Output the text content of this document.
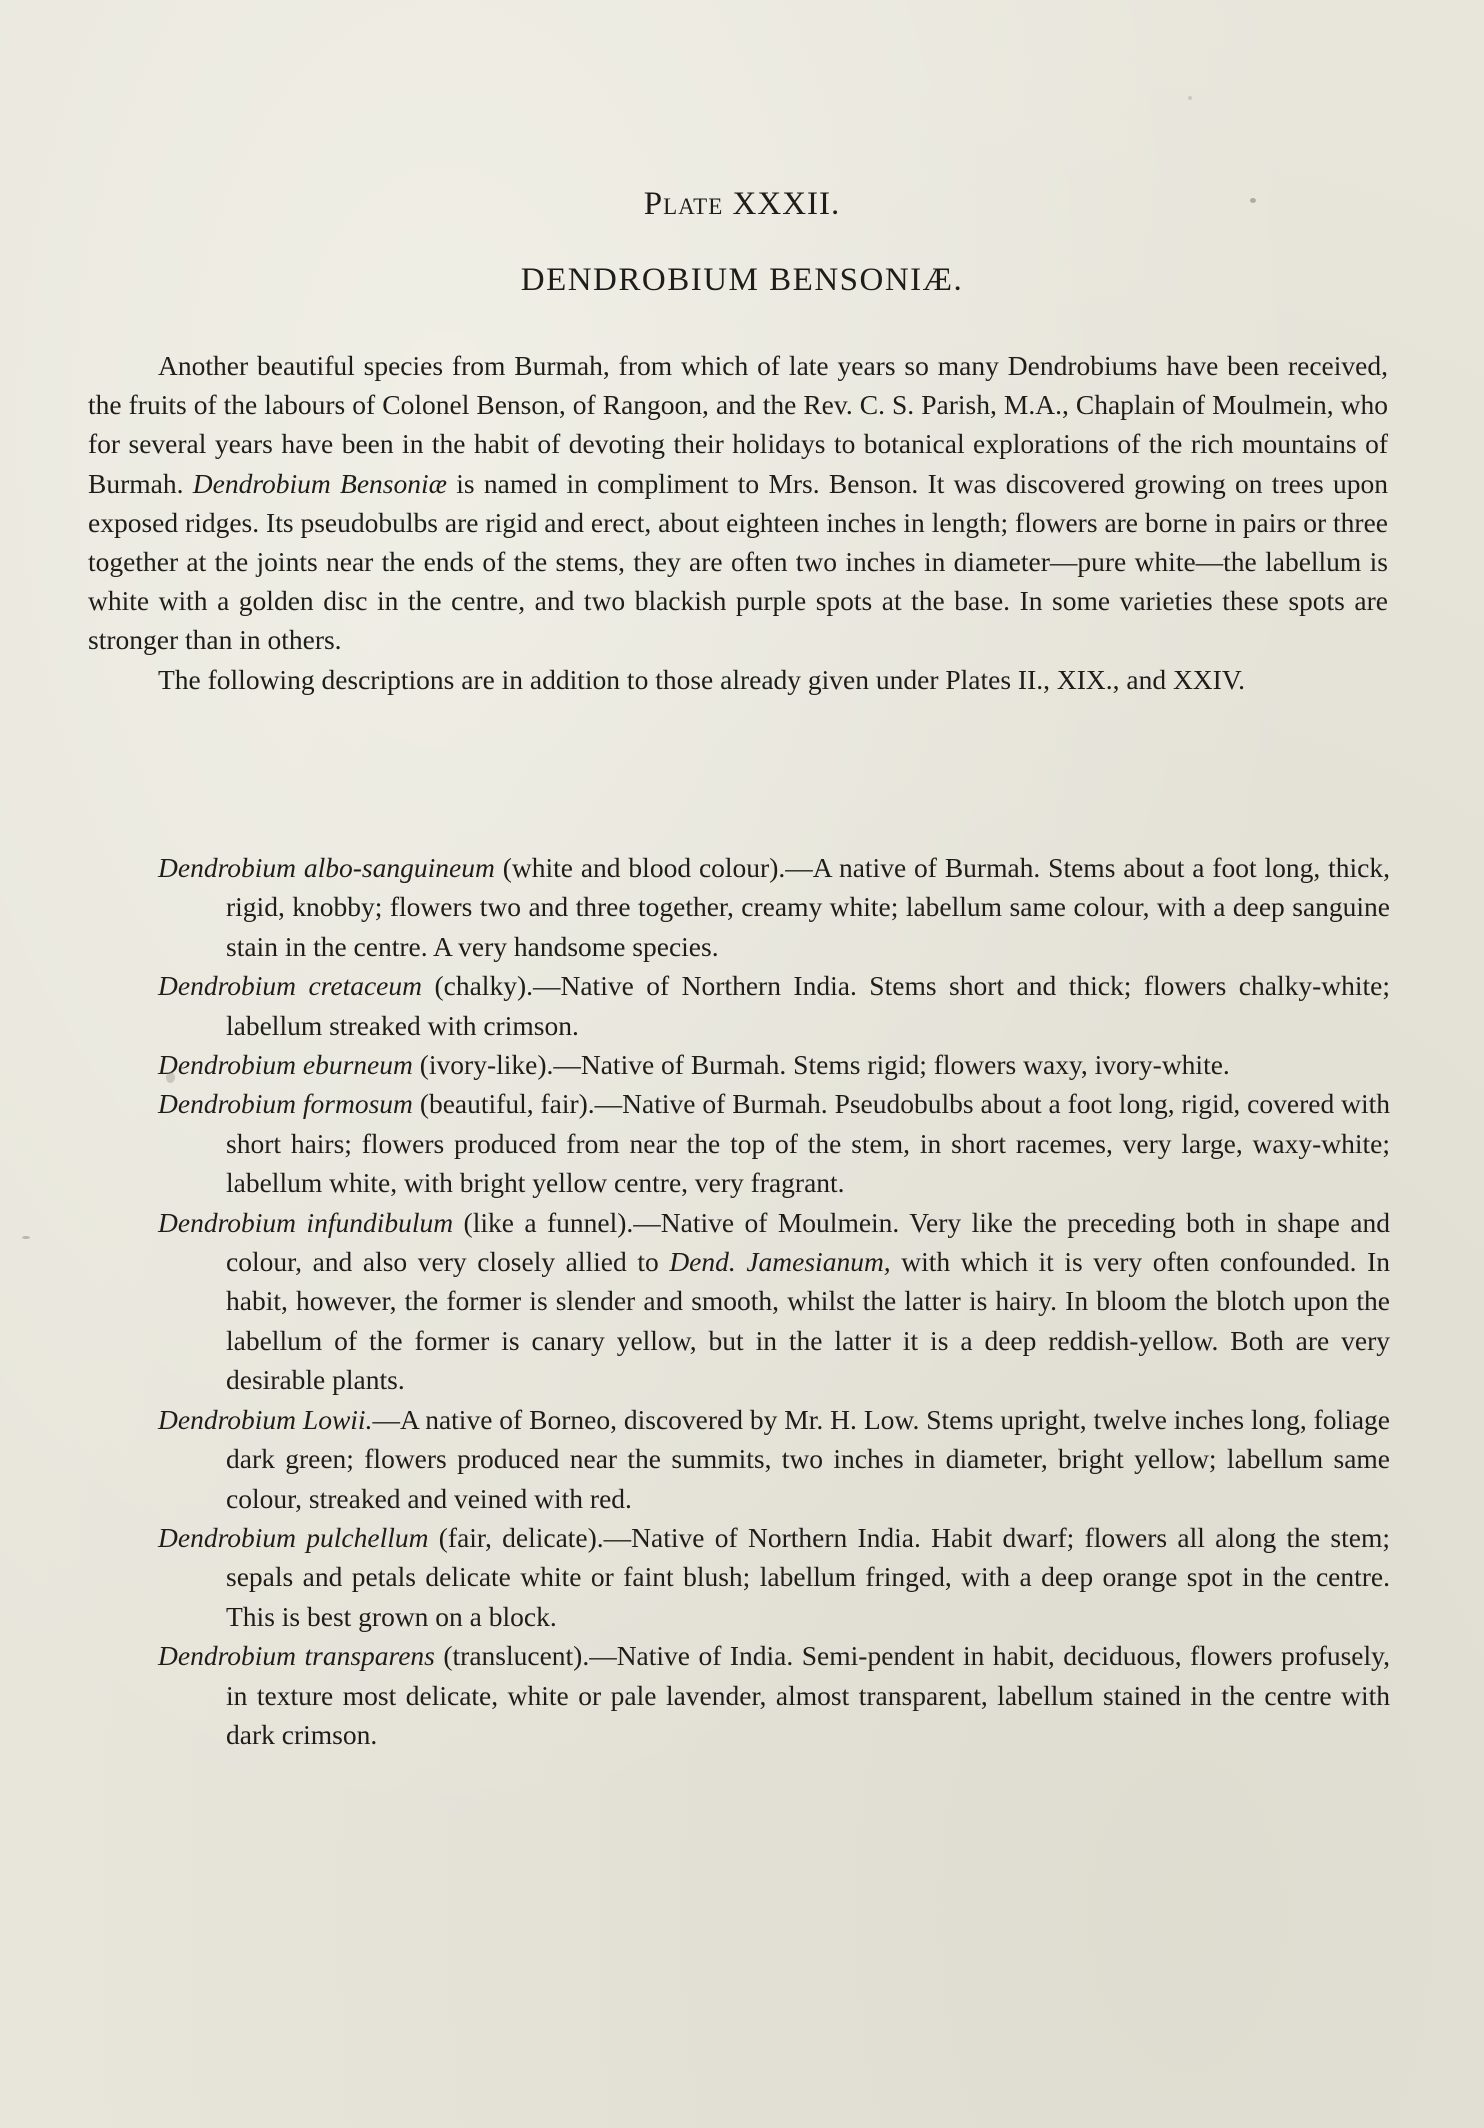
Plate XXXII.
DENDROBIUM BENSONIÆ.

Another beautiful species from Burmah, from which of late years so many Dendrobiums have been received, the fruits of the labours of Colonel Benson, of Rangoon, and the Rev. C. S. Parish, M.A., Chaplain of Moulmein, who for several years have been in the habit of devoting their holidays to botanical explorations of the rich mountains of Burmah. Dendrobium Bensoniæ is named in compliment to Mrs. Benson. It was discovered growing on trees upon exposed ridges. Its pseudobulbs are rigid and erect, about eighteen inches in length; flowers are borne in pairs or three together at the joints near the ends of the stems, they are often two inches in diameter—pure white—the labellum is white with a golden disc in the centre, and two blackish purple spots at the base. In some varieties these spots are stronger than in others.

The following descriptions are in addition to those already given under Plates II., XIX., and XXIV.

Dendrobium albo-sanguineum (white and blood colour).—A native of Burmah. Stems about a foot long, thick, rigid, knobby; flowers two and three together, creamy white; labellum same colour, with a deep sanguine stain in the centre. A very handsome species.

Dendrobium cretaceum (chalky).—Native of Northern India. Stems short and thick; flowers chalky-white; labellum streaked with crimson.

Dendrobium eburneum (ivory-like).—Native of Burmah. Stems rigid; flowers waxy, ivory-white.

Dendrobium formosum (beautiful, fair).—Native of Burmah. Pseudobulbs about a foot long, rigid, covered with short hairs; flowers produced from near the top of the stem, in short racemes, very large, waxy-white; labellum white, with bright yellow centre, very fragrant.

Dendrobium infundibulum (like a funnel).—Native of Moulmein. Very like the preceding both in shape and colour, and also very closely allied to Dend. Jamesianum, with which it is very often confounded. In habit, however, the former is slender and smooth, whilst the latter is hairy. In bloom the blotch upon the labellum of the former is canary yellow, but in the latter it is a deep reddish-yellow. Both are very desirable plants.

Dendrobium Lowii.—A native of Borneo, discovered by Mr. H. Low. Stems upright, twelve inches long, foliage dark green; flowers produced near the summits, two inches in diameter, bright yellow; labellum same colour, streaked and veined with red.

Dendrobium pulchellum (fair, delicate).—Native of Northern India. Habit dwarf; flowers all along the stem; sepals and petals delicate white or faint blush; labellum fringed, with a deep orange spot in the centre. This is best grown on a block.

Dendrobium transparens (translucent).—Native of India. Semi-pendent in habit, deciduous, flowers profusely, in texture most delicate, white or pale lavender, almost transparent, labellum stained in the centre with dark crimson.
